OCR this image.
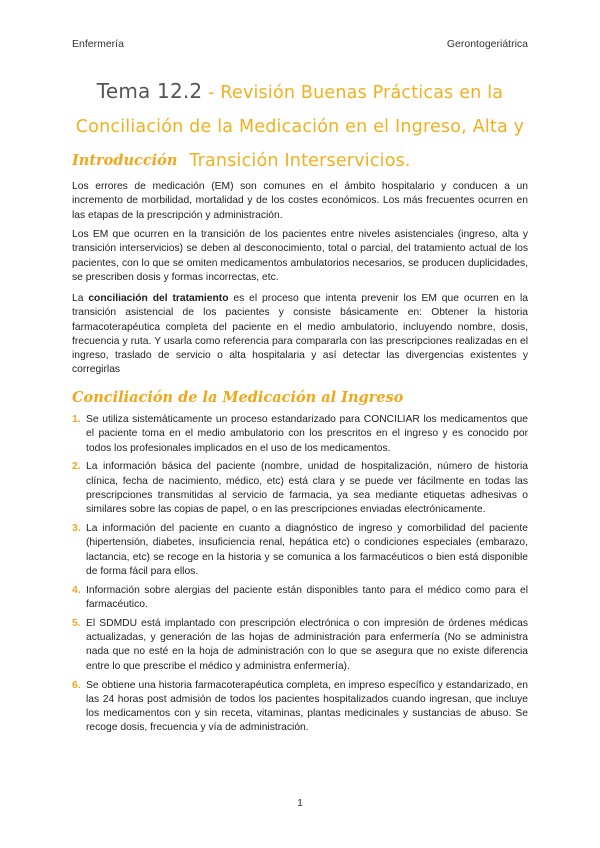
Enfermería	Gerontogeriátrica
Tema 12.2 - Revisión Buenas Prácticas en la Conciliación de la Medicación en el Ingreso, Alta y Transición Interservicios.
Introducción
Los errores de medicación (EM) son comunes en el ámbito hospitalario y conducen a un incremento de morbilidad, mortalidad y de los costes económicos. Los más frecuentes ocurren en las etapas de la prescripción y administración.
Los EM que ocurren en la transición de los pacientes entre niveles asistenciales (ingreso, alta y transición interservicios) se deben al desconocimiento, total o parcial, del tratamiento actual de los pacientes, con lo que se omiten medicamentos ambulatorios necesarios, se producen duplicidades, se prescriben dosis y formas incorrectas, etc.
La conciliación del tratamiento es el proceso que intenta prevenir los EM que ocurren en la transición asistencial de los pacientes y consiste básicamente en: Obtener la historia farmacoterapéutica completa del paciente en el medio ambulatorio, incluyendo nombre, dosis, frecuencia y ruta. Y usarla como referencia para compararla con las prescripciones realizadas en el ingreso, traslado de servicio o alta hospitalaria y así detectar las divergencias existentes y corregirlas
Conciliación de la Medicación al Ingreso
1. Se utiliza sistemáticamente un proceso estandarizado para CONCILIAR los medicamentos que el paciente toma en el medio ambulatorio con los prescritos en el ingreso y es conocido por todos los profesionales implicados en el uso de los medicamentos.
2. La información básica del paciente (nombre, unidad de hospitalización, número de historia clínica, fecha de nacimiento, médico, etc) está clara y se puede ver fácilmente en todas las prescripciones transmitidas al servicio de farmacia, ya sea mediante etiquetas adhesivas o similares sobre las copias de papel, o en las prescripciones enviadas electrónicamente.
3. La información del paciente en cuanto a diagnóstico de ingreso y comorbilidad del paciente (hipertensión, diabetes, insuficiencia renal, hepática etc) o condiciones especiales (embarazo, lactancia, etc) se recoge en la historia y se comunica a los farmacéuticos o bien está disponible de forma fácil para ellos.
4. Información sobre alergias del paciente están disponibles tanto para el médico como para el farmacéutico.
5. El SDMDU está implantado con prescripción electrónica o con impresión de órdenes médicas actualizadas, y generación de las hojas de administración para enfermería (No se administra nada que no esté en la hoja de administración con lo que se asegura que no existe diferencia entre lo que prescribe el médico y administra enfermería).
6. Se obtiene una historia farmacoterapéutica completa, en impreso específico y estandarizado, en las 24 horas post admisión de todos los pacientes hospitalizados cuando ingresan, que incluye los medicamentos con y sin receta, vitaminas, plantas medicinales y sustancias de abuso. Se recoge dosis, frecuencia y vía de administración.
1
